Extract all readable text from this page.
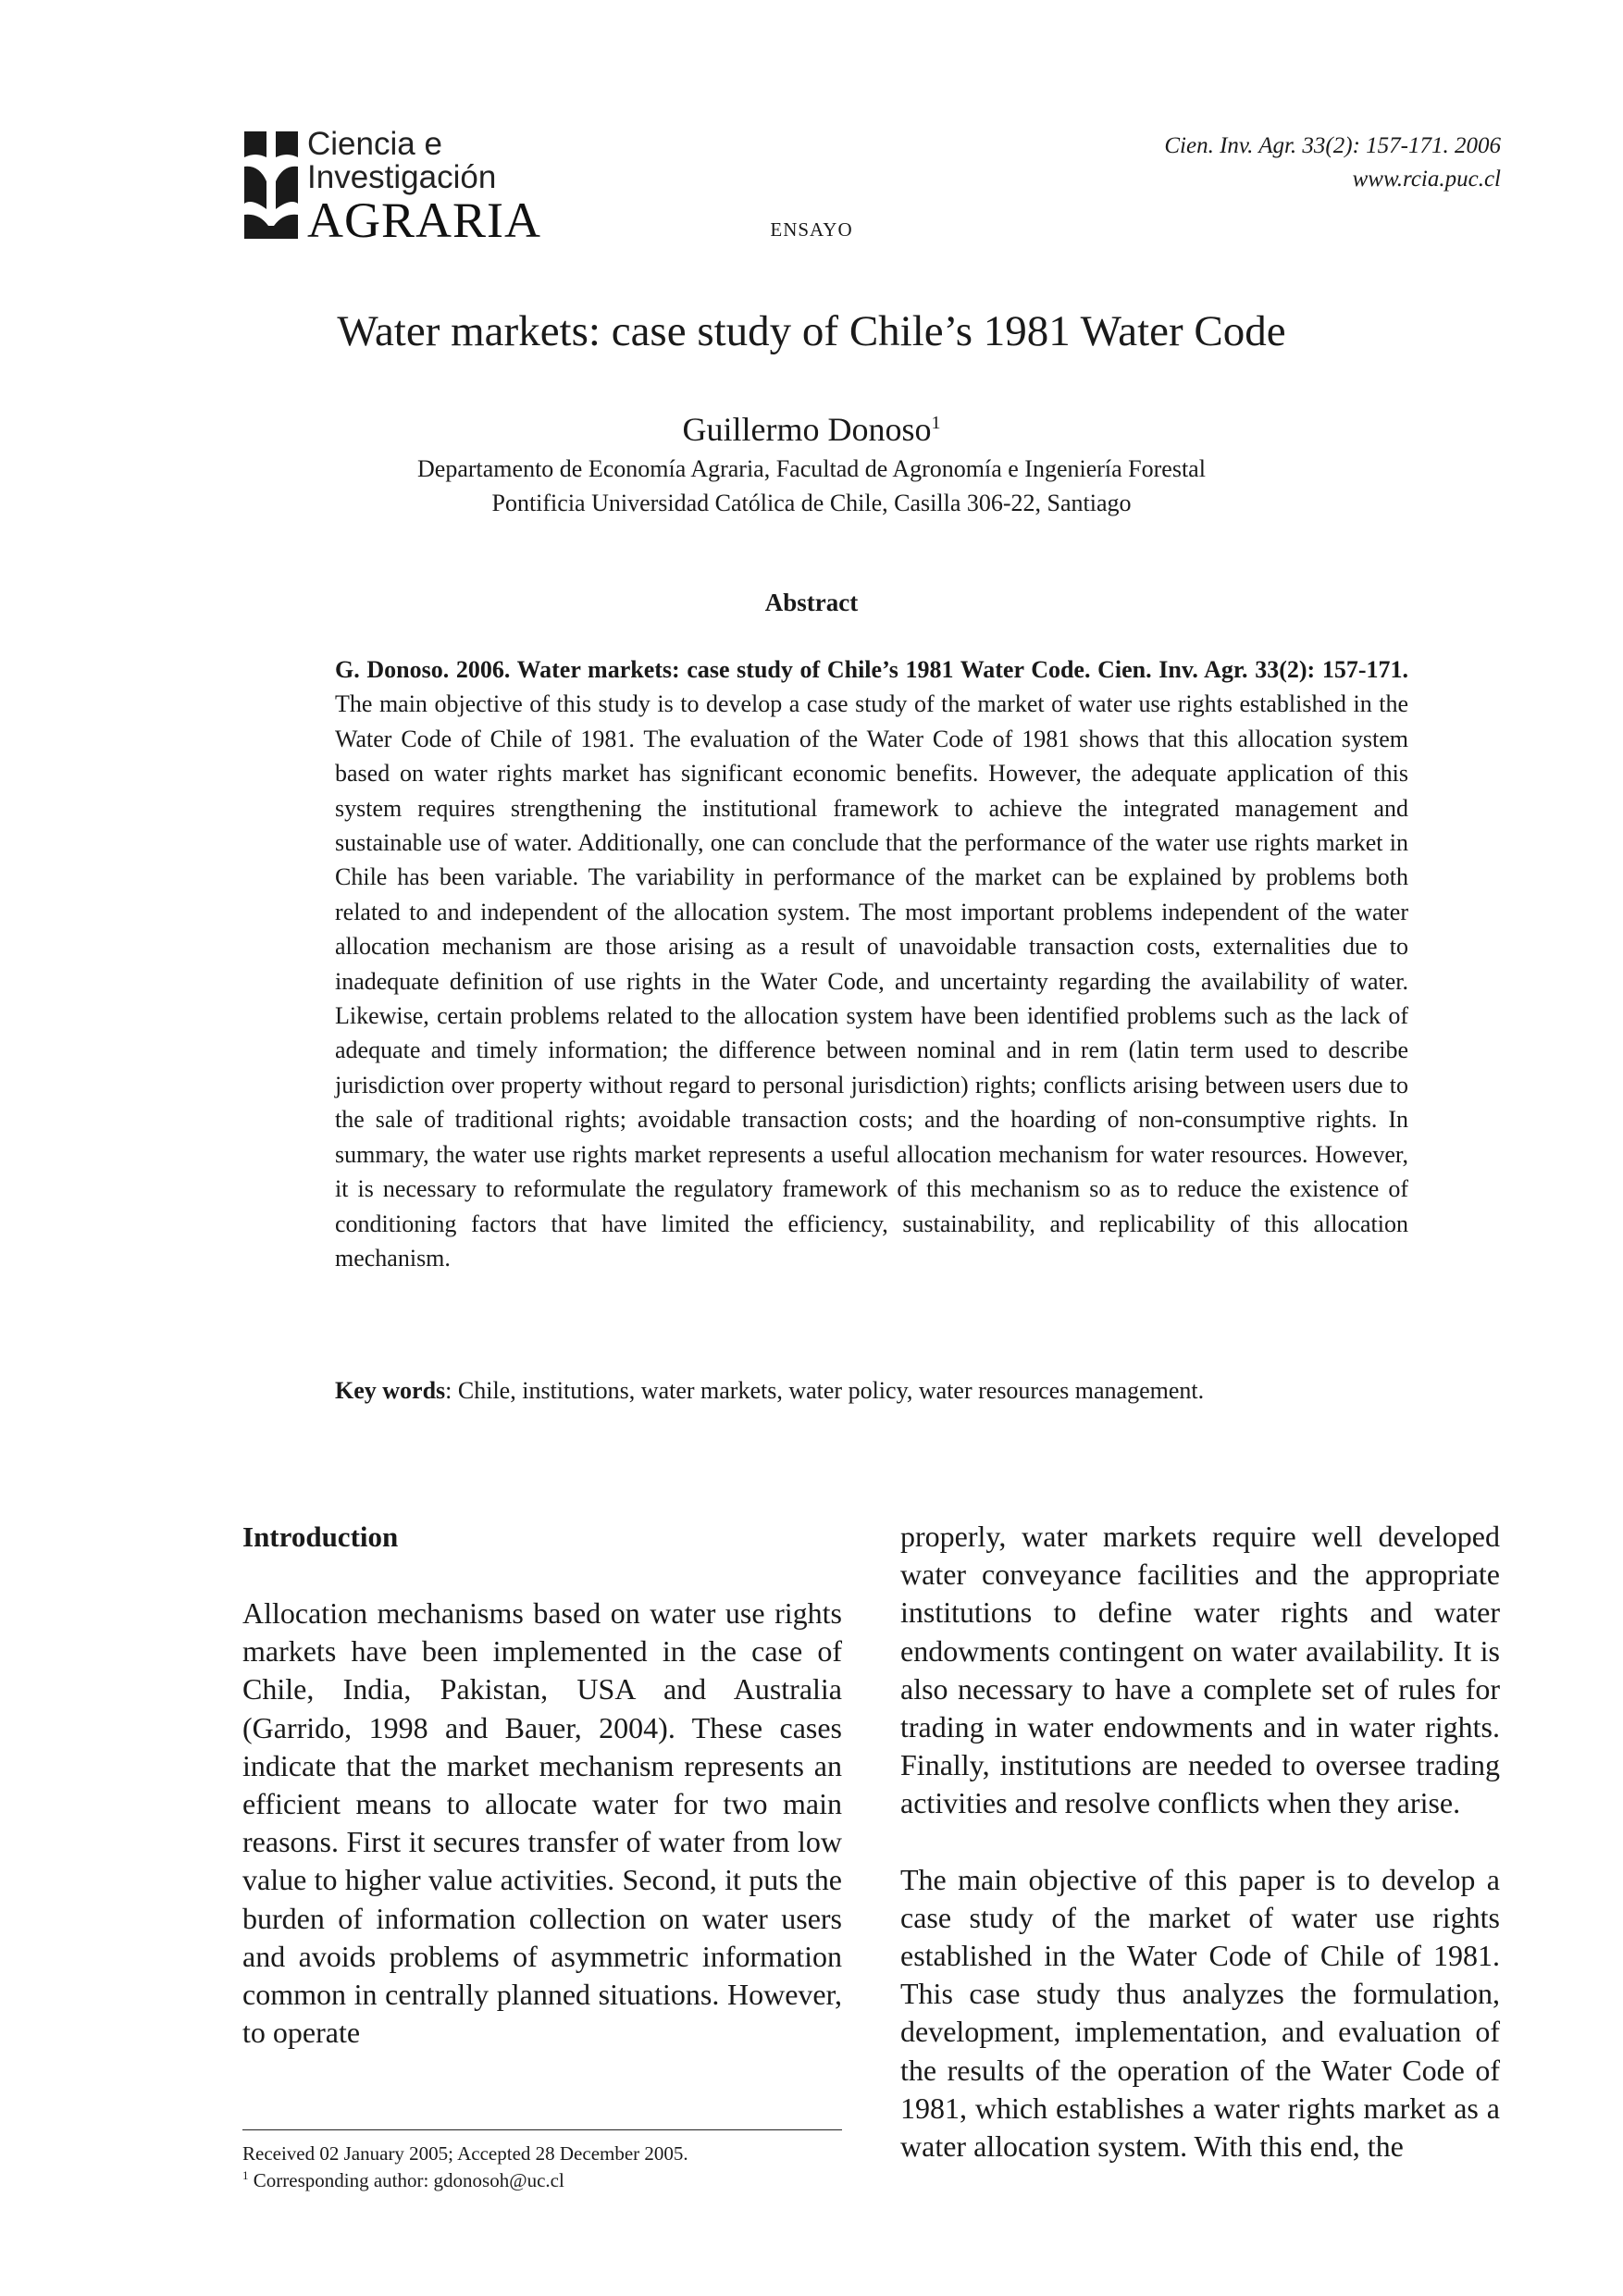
Ciencia e
Investigación
AGRARIA
Cien. Inv. Agr. 33(2): 157-171. 2006
www.rcia.puc.cl
ENSAYO
Water markets: case study of Chile’s 1981 Water Code
Guillermo Donoso$^1$
Departamento de Economía Agraria, Facultad de Agronomía e Ingeniería Forestal
Pontificia Universidad Católica de Chile, Casilla 306-22, Santiago
Abstract

G. Donoso. 2006. Water markets: case study of Chile’s 1981 Water Code. Cien. Inv. Agr. 33(2): 157-171. The main objective of this study is to develop a case study of the market of water use rights established in the Water Code of Chile of 1981. The evaluation of the Water Code of 1981 shows that this allocation system based on water rights market has significant economic benefits. However, the adequate application of this system requires strengthening the institutional framework to achieve the integrated management and sustainable use of water. Additionally, one can conclude that the performance of the water use rights market in Chile has been variable. The variability in performance of the market can be explained by problems both related to and independent of the allocation system. The most important problems independent of the water allocation mechanism are those arising as a result of unavoidable transaction costs, externalities due to inadequate definition of use rights in the Water Code, and uncertainty regarding the availability of water. Likewise, certain problems related to the allocation system have been identified problems such as the lack of adequate and timely information; the difference between nominal and in rem (latin term used to describe jurisdiction over property without regard to personal jurisdiction) rights; conflicts arising between users due to the sale of traditional rights; avoidable transaction costs; and the hoarding of non-consumptive rights. In summary, the water use rights market represents a useful allocation mechanism for water resources. However, it is necessary to reformulate the regulatory framework of this mechanism so as to reduce the existence of conditioning factors that have limited the efficiency, sustainability, and replicability of this allocation mechanism.

Key words: Chile, institutions, water markets, water policy, water resources management.

Introduction

Allocation mechanisms based on water use rights markets have been implemented in the case of Chile, India, Pakistan, USA and Australia (Garrido, 1998 and Bauer, 2004). These cases indicate that the market mechanism represents an efficient means to allocate water for two main reasons. First it secures transfer of water from low value to higher value activities. Second, it puts the burden of information collection on water users and avoids problems of asymmetric information common in centrally planned situations. However, to operate

properly, water markets require well developed water conveyance facilities and the appropriate institutions to define water rights and water endowments contingent on water availability. It is also necessary to have a complete set of rules for trading in water endowments and in water rights. Finally, institutions are needed to oversee trading activities and resolve conflicts when they arise.

The main objective of this paper is to develop a case study of the market of water use rights established in the Water Code of Chile of 1981. This case study thus analyzes the formulation, development, implementation, and evaluation of the results of the operation of the Water Code of 1981, which establishes a water rights market as a water allocation system. With this end, the

Received 02 January 2005; Accepted 28 December 2005.

$^1$ Corresponding author: gdonosoh@uc.cl
